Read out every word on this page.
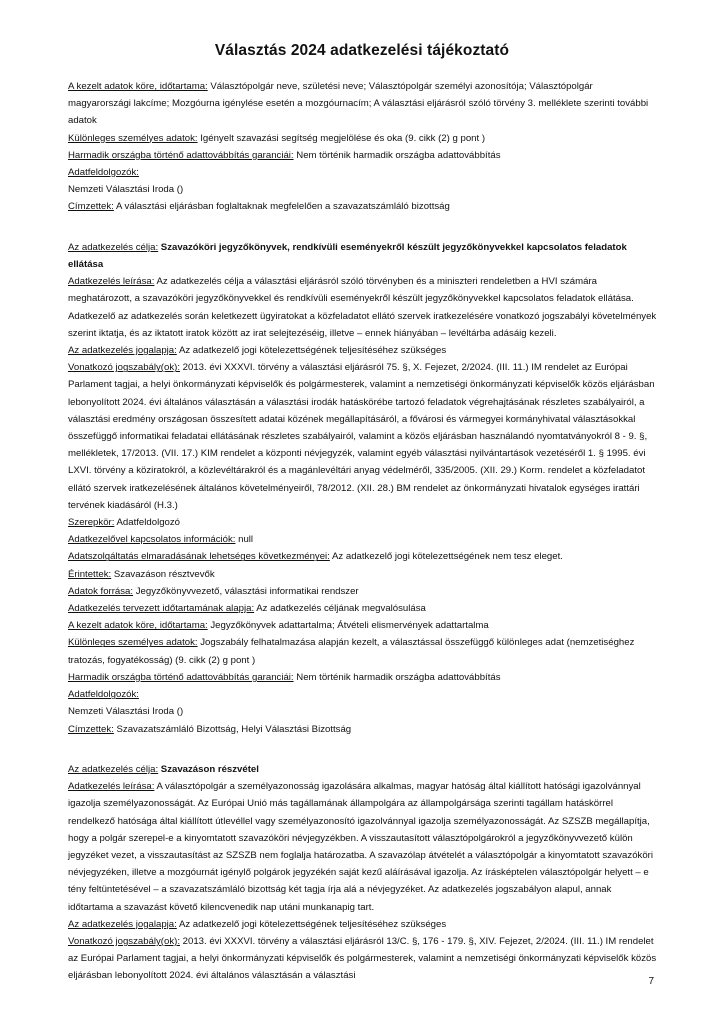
Választás 2024 adatkezelési tájékoztató

A kezelt adatok köre, időtartama: Választópolgár neve, születési neve; Választópolgár személyi azonosítója; Választópolgár magyarországi lakcíme; Mozgóurna igénylése esetén a mozgóurnacím; A választási eljárásról szóló törvény 3. melléklete szerinti további adatok

Különleges személyes adatok: Igényelt szavazási segítség megjelölése és oka (9. cikk (2) g pont )

Harmadik országba történő adattovábbítás garanciái: Nem történik harmadik országba adattovábbítás

Adatfeldolgozók:

Nemzeti Választási Iroda ()

Címzettek: A választási eljárásban foglaltaknak megfelelően a szavazatszámláló bizottság

Az adatkezelés célja: Szavazóköri jegyzőkönyvek, rendkívüli eseményekről készült jegyzőkönyvekkel kapcsolatos feladatok ellátása

Adatkezelés leírása: Az adatkezelés célja a választási eljárásról szóló törvényben és a miniszteri rendeletben a HVI számára meghatározott, a szavazóköri jegyzőkönyvekkel és rendkívüli eseményekről készült jegyzőkönyvekkel kapcsolatos feladatok ellátása. Adatkezelő az adatkezelés során keletkezett ügyiratokat a közfeladatot ellátó szervek iratkezelésére vonatkozó jogszabályi követelmények szerint iktatja, és az iktatott iratok között az irat selejtezéséig, illetve – ennek hiányában – levéltárba adásáig kezeli.

Az adatkezelés jogalapja: Az adatkezelő jogi kötelezettségének teljesítéséhez szükséges

Vonatkozó jogszabály(ok): 2013. évi XXXVI. törvény a választási eljárásról 75. §, X. Fejezet, 2/2024. (III. 11.) IM rendelet az Európai Parlament tagjai, a helyi önkormányzati képviselők és polgármesterek, valamint a nemzetiségi önkormányzati képviselők közös eljárásban lebonyolított 2024. évi általános választásán a választási irodák hatáskörébe tartozó feladatok végrehajtásának részletes szabályairól, a választási eredmény országosan összesített adatai közének megállapításáról, a fővárosi és vármegyei kormányhivatal választásokkal összefüggő informatikai feladatai ellátásának részletes szabályairól, valamint a közös eljárásban használandó nyomtatványokról 8 - 9. §, mellékletek, 17/2013. (VII. 17.) KIM rendelet a központi névjegyzék, valamint egyéb választási nyilvántartások vezetéséről 1. § 1995. évi LXVI. törvény a köziratokról, a közlevéltárakról és a magánlevéltári anyag védelméről, 335/2005. (XII. 29.) Korm. rendelet a közfeladatot ellátó szervek iratkezelésének általános követelményeiről, 78/2012. (XII. 28.) BM rendelet az önkormányzati hivatalok egységes irattári tervének kiadásáról (H.3.)

Szerepkör: Adatfeldolgozó

Adatkezelővel kapcsolatos információk: null

Adatszolgáltatás elmaradásának lehetséges következményei: Az adatkezelő jogi kötelezettségének nem tesz eleget.

Érintettek: Szavazáson résztvevők

Adatok forrása: Jegyzőkönyvvezető, választási informatikai rendszer

Adatkezelés tervezett időtartamának alapja: Az adatkezelés céljának megvalósulása

A kezelt adatok köre, időtartama: Jegyzőkönyvek adattartalma; Átvételi elismervények adattartalma

Különleges személyes adatok: Jogszabály felhatalmazása alapján kezelt, a választással összefüggő különleges adat (nemzetiséghez tratozás, fogyatékosság) (9. cikk (2) g pont )

Harmadik országba történő adattovábbítás garanciái: Nem történik harmadik országba adattovábbítás

Adatfeldolgozók:

Nemzeti Választási Iroda ()

Címzettek: Szavazatszámláló Bizottság, Helyi Választási Bizottság

Az adatkezelés célja: Szavazáson részvétel

Adatkezelés leírása: A választópolgár a személyazonosság igazolására alkalmas, magyar hatóság által kiállított hatósági igazolvánnyal igazolja személyazonosságát. Az Európai Unió más tagállamának állampolgára az állampolgársága szerinti tagállam hatáskörrel rendelkező hatósága által kiállított útlevéllel vagy személyazonosító igazolvánnyal igazolja személyazonosságát. Az SZSZB megállapítja, hogy a polgár szerepel-e a kinyomtatott szavazóköri névjegyzékben. A visszautasított választópolgárokról a jegyzőkönyvvezető külön jegyzéket vezet, a visszautasítást az SZSZB nem foglalja határozatba. A szavazólap átvételét a választópolgár a kinyomtatott szavazóköri névjegyzéken, illetve a mozgóurnát igénylő polgárok jegyzékén saját kezű aláírásával igazolja. Az írásképtelen választópolgár helyett – e tény feltüntetésével – a szavazatszámláló bizottság két tagja írja alá a névjegyzéket. Az adatkezelés jogszabályon alapul, annak időtartama a szavazást követő kilencvenedik nap utáni munkanapig tart.

Az adatkezelés jogalapja: Az adatkezelő jogi kötelezettségének teljesítéséhez szükséges

Vonatkozó jogszabály(ok): 2013. évi XXXVI. törvény a választási eljárásról 13/C. §, 176 - 179. §, XIV. Fejezet, 2/2024. (III. 11.) IM rendelet az Európai Parlament tagjai, a helyi önkormányzati képviselők és polgármesterek, valamint a nemzetiségi önkormányzati képviselők közös eljárásban lebonyolított 2024. évi általános választásán a választási

7
